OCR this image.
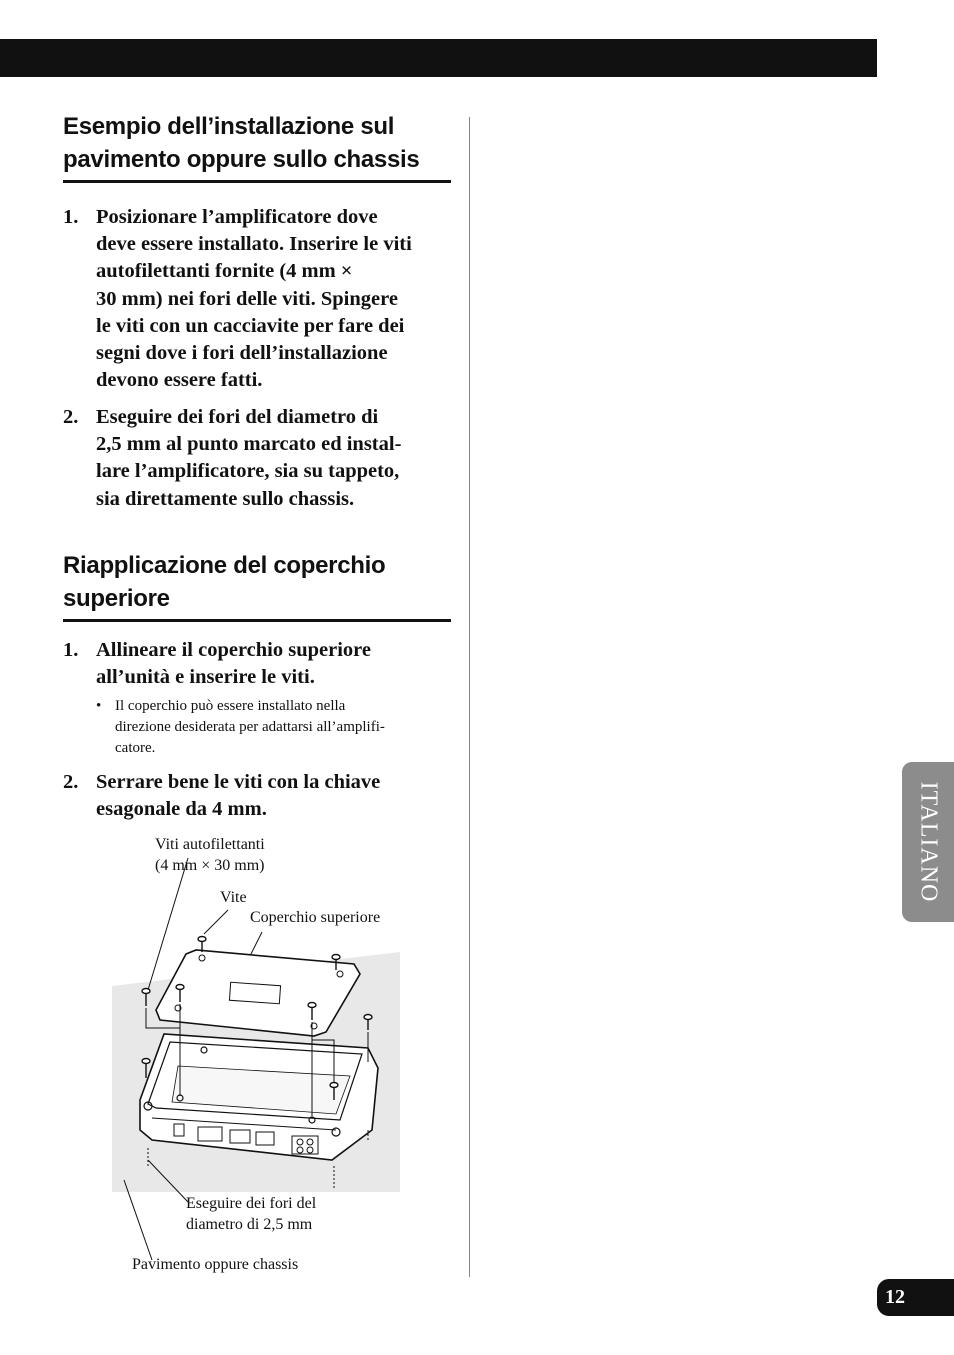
Esempio dell’installazione sul
pavimento oppure sullo chassis
1. Posizionare l’amplificatore dove
deve essere installato. Inserire le viti
autofilettanti fornite (4 mm ×
30 mm) nei fori delle viti. Spingere
le viti con un cacciavite per fare dei
segni dove i fori dell’installazione
devono essere fatti.
2. Eseguire dei fori del diametro di
2,5 mm al punto marcato ed instal-
lare l’amplificatore, sia su tappeto,
sia direttamente sullo chassis.
Riapplicazione del coperchio
superiore
1. Allineare il coperchio superiore
all’unità e inserire le viti.
• Il coperchio può essere installato nella
direzione desiderata per adattarsi all’amplifi-
catore.
2. Serrare bene le viti con la chiave
esagonale da 4 mm.
Viti autofilettanti
(4 mm × 30 mm)
Vite
Coperchio superiore
Eseguire dei fori del
diametro di 2,5 mm
Pavimento oppure chassis
ITALIANO
12
